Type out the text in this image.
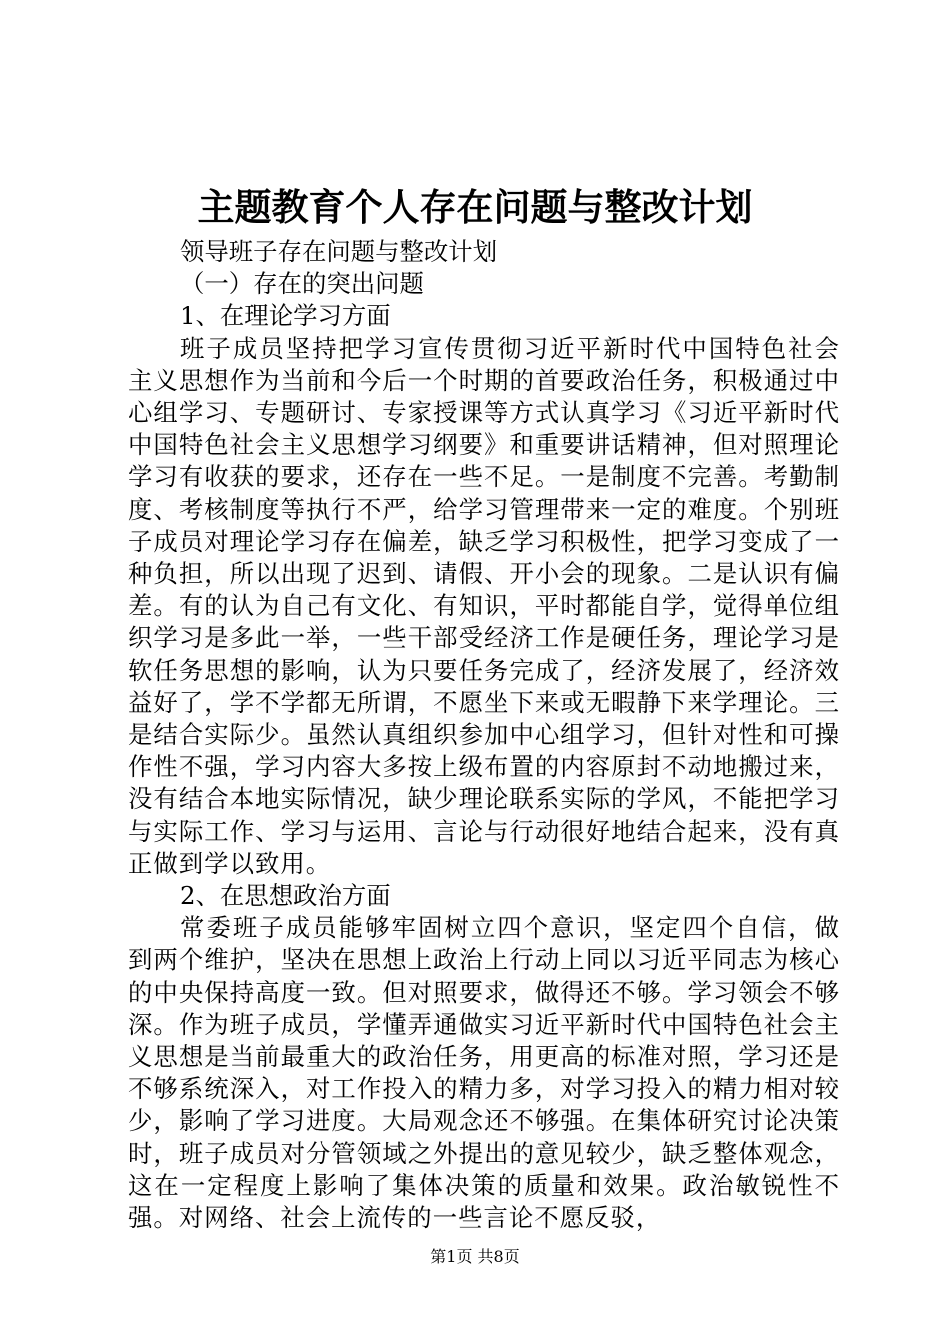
主题教育个人存在问题与整改计划

领导班子存在问题与整改计划

（一）存在的突出问题

1、在理论学习方面

班子成员坚持把学习宣传贯彻习近平新时代中国特色社会主义思想作为当前和今后一个时期的首要政治任务，积极通过中心组学习、专题研讨、专家授课等方式认真学习《习近平新时代中国特色社会主义思想学习纲要》和重要讲话精神，但对照理论学习有收获的要求，还存在一些不足。一是制度不完善。考勤制度、考核制度等执行不严，给学习管理带来一定的难度。个别班子成员对理论学习存在偏差，缺乏学习积极性，把学习变成了一种负担，所以出现了迟到、请假、开小会的现象。二是认识有偏差。有的认为自己有文化、有知识，平时都能自学，觉得单位组织学习是多此一举，一些干部受经济工作是硬任务，理论学习是软任务思想的影响，认为只要任务完成了，经济发展了，经济效益好了，学不学都无所谓，不愿坐下来或无暇静下来学理论。三是结合实际少。虽然认真组织参加中心组学习，但针对性和可操作性不强，学习内容大多按上级布置的内容原封不动地搬过来，没有结合本地实际情况，缺少理论联系实际的学风，不能把学习与实际工作、学习与运用、言论与行动很好地结合起来，没有真正做到学以致用。

2、在思想政治方面

常委班子成员能够牢固树立四个意识，坚定四个自信，做到两个维护，坚决在思想上政治上行动上同以习近平同志为核心的中央保持高度一致。但对照要求，做得还不够。学习领会不够深。作为班子成员，学懂弄通做实习近平新时代中国特色社会主义思想是当前最重大的政治任务，用更高的标准对照，学习还是不够系统深入，对工作投入的精力多，对学习投入的精力相对较少，影响了学习进度。大局观念还不够强。在集体研究讨论决策时，班子成员对分管领域之外提出的意见较少，缺乏整体观念，这在一定程度上影响了集体决策的质量和效果。政治敏锐性不强。对网络、社会上流传的一些言论不愿反驳，

第1页 共8页
